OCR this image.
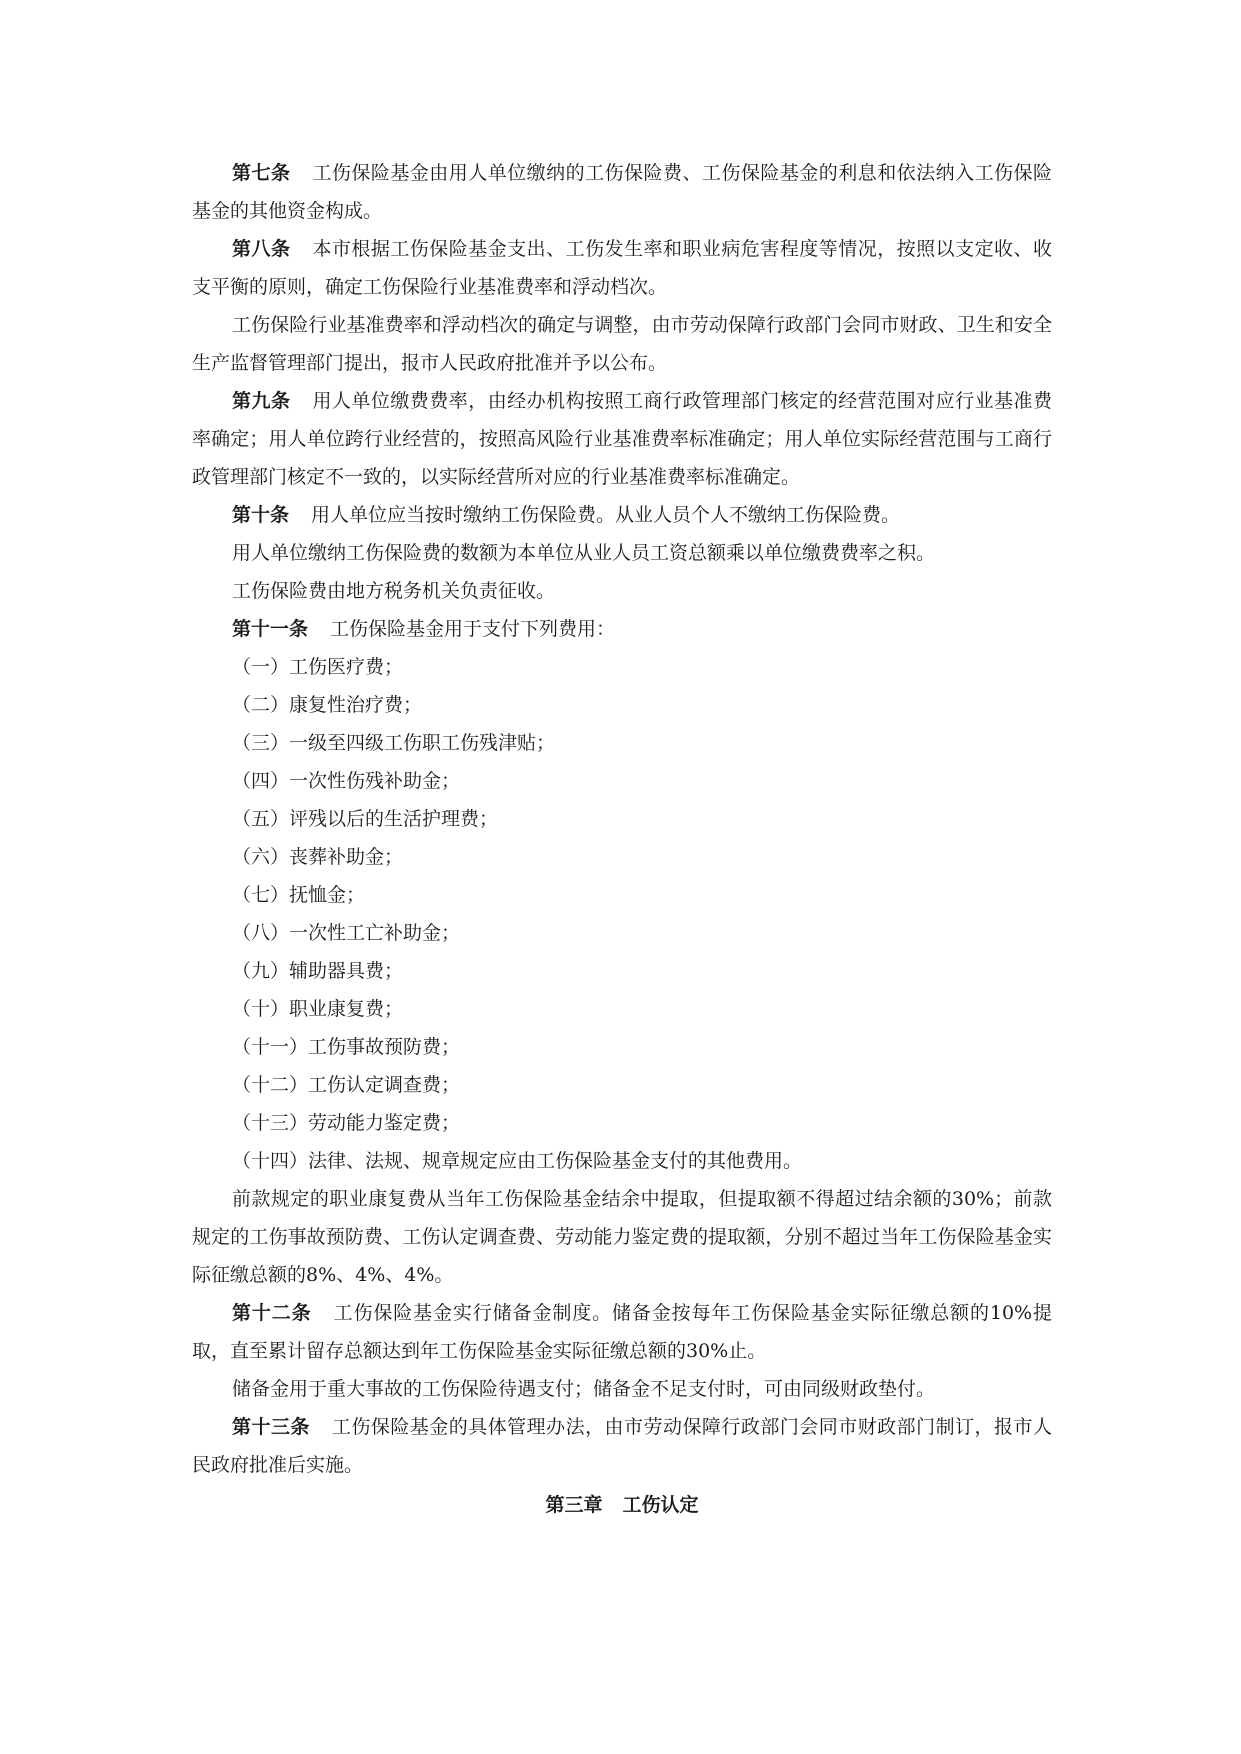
第七条 工伤保险基金由用人单位缴纳的工伤保险费、工伤保险基金的利息和依法纳入工伤保险基金的其他资金构成。

第八条 本市根据工伤保险基金支出、工伤发生率和职业病危害程度等情况，按照以支定收、收支平衡的原则，确定工伤保险行业基准费率和浮动档次。

工伤保险行业基准费率和浮动档次的确定与调整，由市劳动保障行政部门会同市财政、卫生和安全生产监督管理部门提出，报市人民政府批准并予以公布。

第九条 用人单位缴费费率，由经办机构按照工商行政管理部门核定的经营范围对应行业基准费率确定；用人单位跨行业经营的，按照高风险行业基准费率标准确定；用人单位实际经营范围与工商行政管理部门核定不一致的，以实际经营所对应的行业基准费率标准确定。

第十条 用人单位应当按时缴纳工伤保险费。从业人员个人不缴纳工伤保险费。

用人单位缴纳工伤保险费的数额为本单位从业人员工资总额乘以单位缴费费率之积。

工伤保险费由地方税务机关负责征收。

第十一条 工伤保险基金用于支付下列费用：

（一）工伤医疗费；

（二）康复性治疗费；

（三）一级至四级工伤职工伤残津贴；

（四）一次性伤残补助金；

（五）评残以后的生活护理费；

（六）丧葬补助金；

（七）抚恤金；

（八）一次性工亡补助金；

（九）辅助器具费；

（十）职业康复费；

（十一）工伤事故预防费；

（十二）工伤认定调查费；

（十三）劳动能力鉴定费；

（十四）法律、法规、规章规定应由工伤保险基金支付的其他费用。

前款规定的职业康复费从当年工伤保险基金结余中提取，但提取额不得超过结余额的30%；前款规定的工伤事故预防费、工伤认定调查费、劳动能力鉴定费的提取额，分别不超过当年工伤保险基金实际征缴总额的8%、4%、4%。

第十二条 工伤保险基金实行储备金制度。储备金按每年工伤保险基金实际征缴总额的10%提取，直至累计留存总额达到年工伤保险基金实际征缴总额的30%止。

储备金用于重大事故的工伤保险待遇支付；储备金不足支付时，可由同级财政垫付。

第十三条 工伤保险基金的具体管理办法，由市劳动保障行政部门会同市财政部门制订，报市人民政府批准后实施。

第三章 工伤认定
